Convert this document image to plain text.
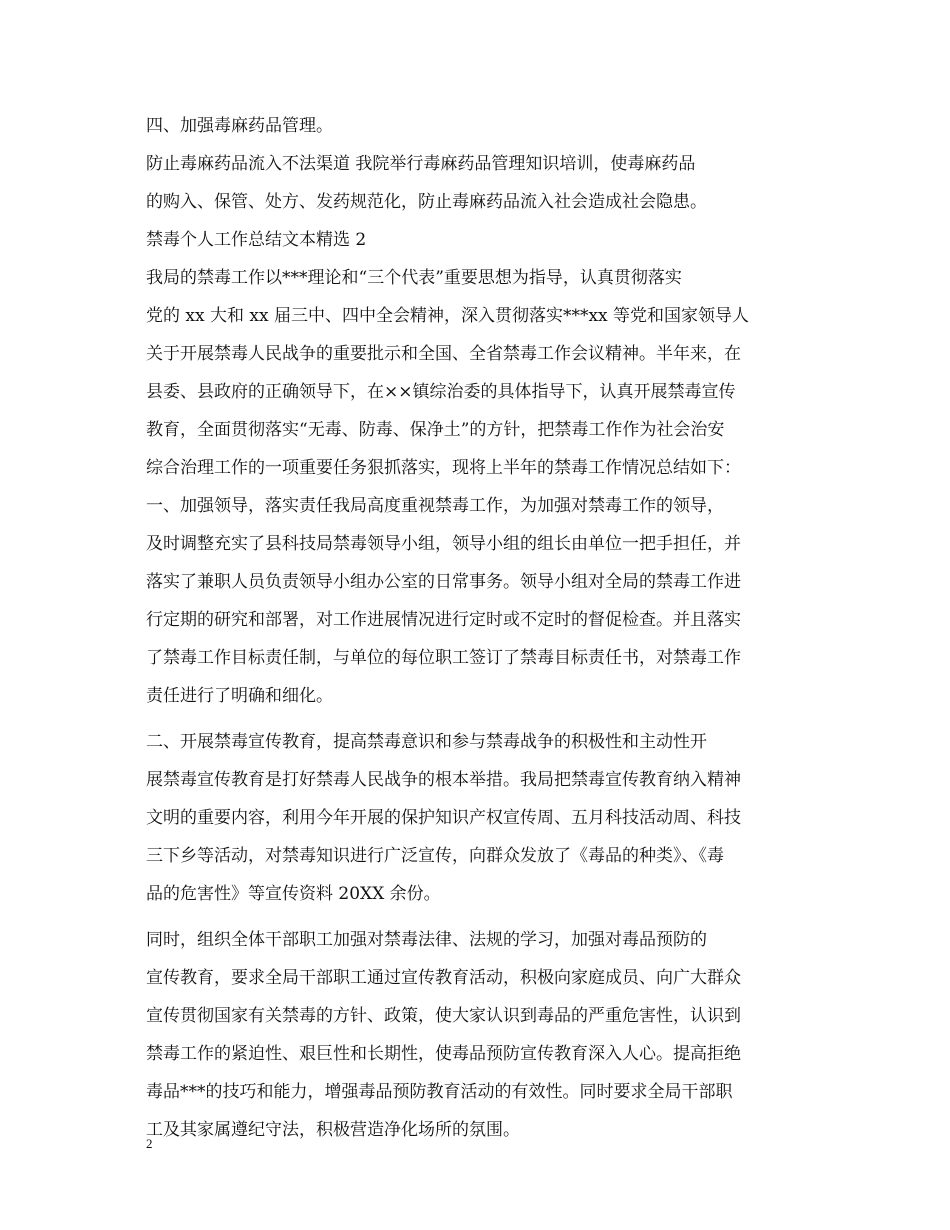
四、加强毒麻药品管理。
防止毒麻药品流入不法渠道 我院举行毒麻药品管理知识培训，使毒麻药品
的购入、保管、处方、发药规范化，防止毒麻药品流入社会造成社会隐患。
禁毒个人工作总结文本精选 2
我局的禁毒工作以***理论和“三个代表”重要思想为指导，认真贯彻落实
党的 xx 大和 xx 届三中、四中全会精神，深入贯彻落实***xx 等党和国家领导人
关于开展禁毒人民战争的重要批示和全国、全省禁毒工作会议精神。半年来，在
县委、县政府的正确领导下，在××镇综治委的具体指导下，认真开展禁毒宣传
教育，全面贯彻落实“无毒、防毒、保净土”的方针，把禁毒工作作为社会治安
综合治理工作的一项重要任务狠抓落实，现将上半年的禁毒工作情况总结如下：
一、加强领导，落实责任我局高度重视禁毒工作，为加强对禁毒工作的领导，
及时调整充实了县科技局禁毒领导小组，领导小组的组长由单位一把手担任，并
落实了兼职人员负责领导小组办公室的日常事务。领导小组对全局的禁毒工作进
行定期的研究和部署，对工作进展情况进行定时或不定时的督促检查。并且落实
了禁毒工作目标责任制，与单位的每位职工签订了禁毒目标责任书，对禁毒工作
责任进行了明确和细化。
二、开展禁毒宣传教育，提高禁毒意识和参与禁毒战争的积极性和主动性开
展禁毒宣传教育是打好禁毒人民战争的根本举措。我局把禁毒宣传教育纳入精神
文明的重要内容，利用今年开展的保护知识产权宣传周、五月科技活动周、科技
三下乡等活动，对禁毒知识进行广泛宣传，向群众发放了《毒品的种类》、《毒
品的危害性》等宣传资料 20XX 余份。
同时，组织全体干部职工加强对禁毒法律、法规的学习，加强对毒品预防的
宣传教育，要求全局干部职工通过宣传教育活动，积极向家庭成员、向广大群众
宣传贯彻国家有关禁毒的方针、政策，使大家认识到毒品的严重危害性，认识到
禁毒工作的紧迫性、艰巨性和长期性，使毒品预防宣传教育深入人心。提高拒绝
毒品***的技巧和能力，增强毒品预防教育活动的有效性。同时要求全局干部职
工及其家属遵纪守法，积极营造净化场所的氛围。
2
